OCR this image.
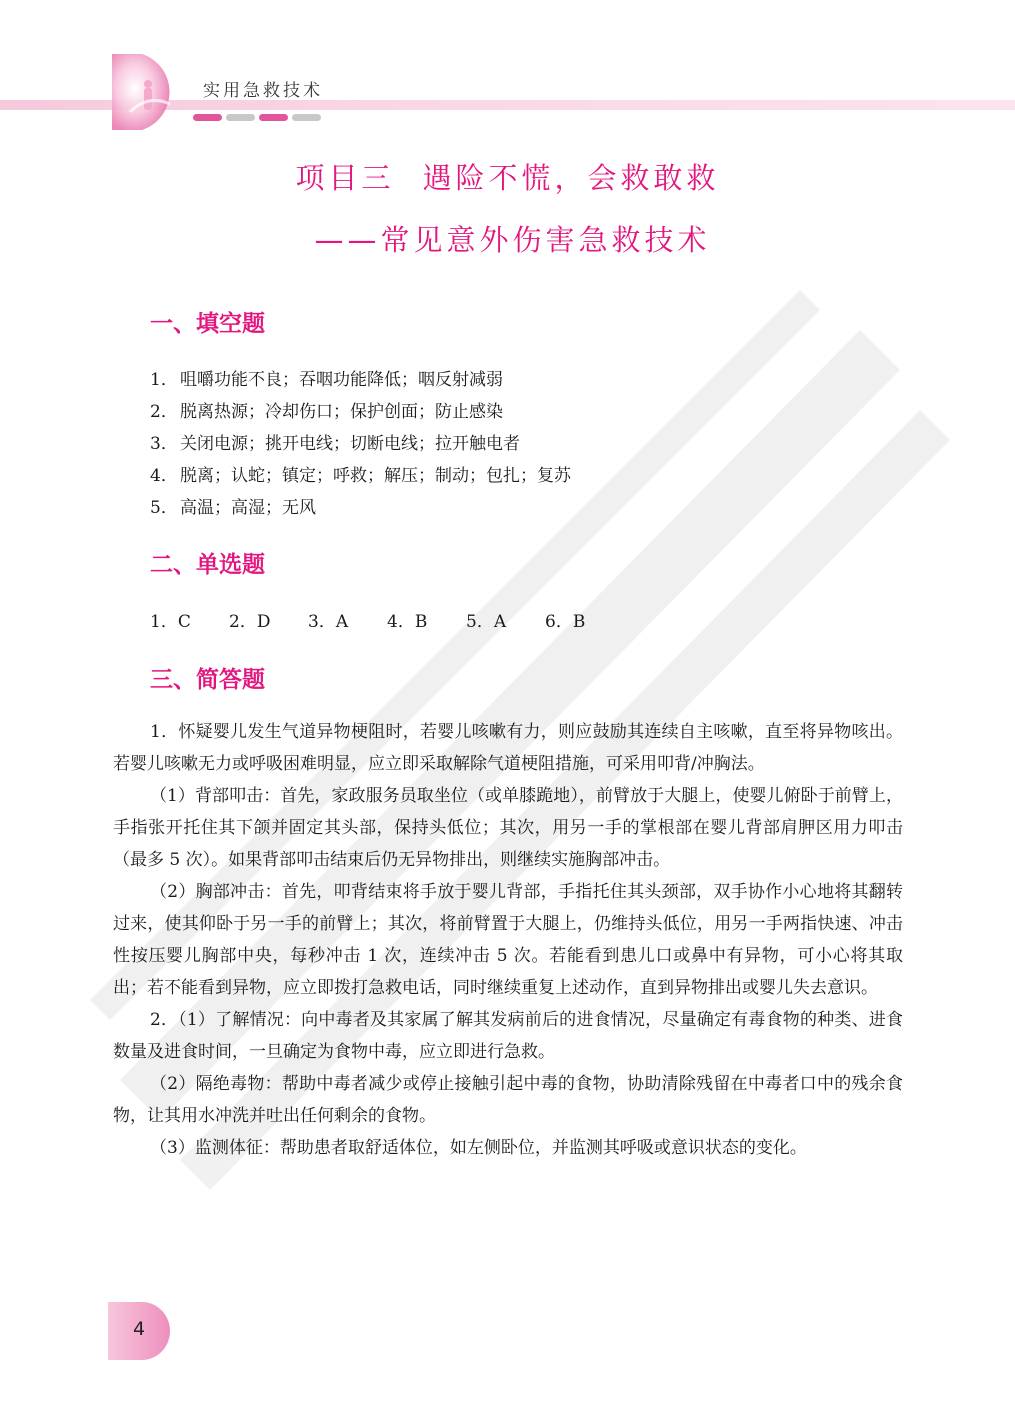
实用急救技术
项目三 遇险不慌，会救敢救
——常见意外伤害急救技术
一、填空题
1． 咀嚼功能不良；吞咽功能降低；咽反射减弱
2． 脱离热源；冷却伤口；保护创面；防止感染
3． 关闭电源；挑开电线；切断电线；拉开触电者
4． 脱离；认蛇；镇定；呼救；解压；制动；包扎；复苏
5． 高温；高湿；无风
二、单选题
1．C	2．D	3．A	4．B	5．A	6．B
三、简答题

1．怀疑婴儿发生气道异物梗阻时，若婴儿咳嗽有力，则应鼓励其连续自主咳嗽，直至将异物咳出。若婴儿咳嗽无力或呼吸困难明显，应立即采取解除气道梗阻措施，可采用叩背/冲胸法。

（1）背部叩击：首先，家政服务员取坐位（或单膝跪地），前臂放于大腿上，使婴儿俯卧于前臂上，手指张开托住其下颌并固定其头部，保持头低位；其次，用另一手的掌根部在婴儿背部肩胛区用力叩击（最多 5 次）。如果背部叩击结束后仍无异物排出，则继续实施胸部冲击。

（2）胸部冲击：首先，叩背结束将手放于婴儿背部，手指托住其头颈部，双手协作小心地将其翻转过来，使其仰卧于另一手的前臂上；其次，将前臂置于大腿上，仍维持头低位，用另一手两指快速、冲击性按压婴儿胸部中央，每秒冲击 1 次，连续冲击 5 次。若能看到患儿口或鼻中有异物，可小心将其取出；若不能看到异物，应立即拨打急救电话，同时继续重复上述动作，直到异物排出或婴儿失去意识。

2．（1）了解情况：向中毒者及其家属了解其发病前后的进食情况，尽量确定有毒食物的种类、进食数量及进食时间，一旦确定为食物中毒，应立即进行急救。

（2）隔绝毒物：帮助中毒者减少或停止接触引起中毒的食物，协助清除残留在中毒者口中的残余食物，让其用水冲洗并吐出任何剩余的食物。

（3）监测体征：帮助患者取舒适体位，如左侧卧位，并监测其呼吸或意识状态的变化。

4
